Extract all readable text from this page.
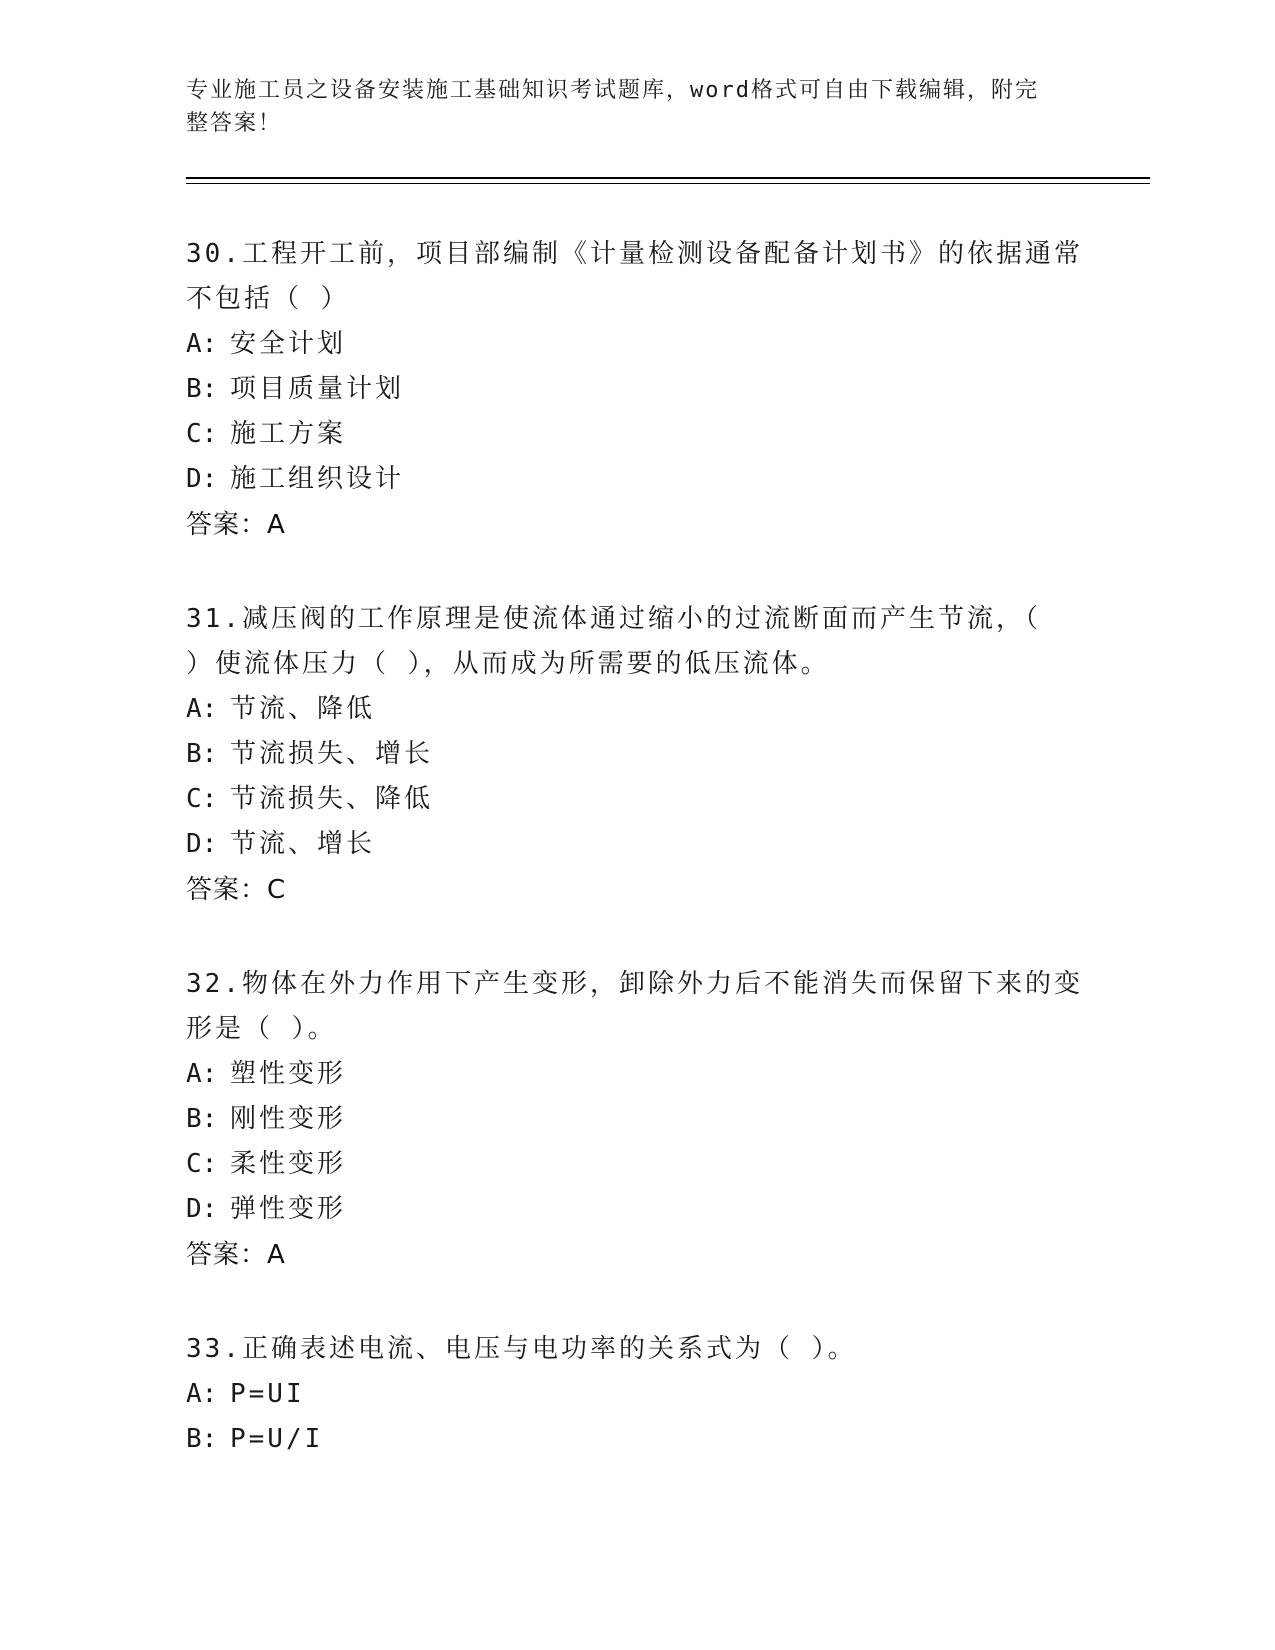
专业施工员之设备安装施工基础知识考试题库，word格式可自由下载编辑，附完
整答案！

30.工程开工前，项目部编制《计量检测设备配备计划书》的依据通常

不包括（ ）

A: 安全计划

B: 项目质量计划

C: 施工方案

D: 施工组织设计

答案：A

31.减压阀的工作原理是使流体通过缩小的过流断面而产生节流，（

）使流体压力（ ），从而成为所需要的低压流体。

A: 节流、降低

B: 节流损失、增长

C: 节流损失、降低

D: 节流、增长

答案：C

32.物体在外力作用下产生变形，卸除外力后不能消失而保留下来的变

形是（ ）。

A: 塑性变形

B: 刚性变形

C: 柔性变形

D: 弹性变形

答案：A

33.正确表述电流、电压与电功率的关系式为（ ）。

A: P=UI

B: P=U/I
